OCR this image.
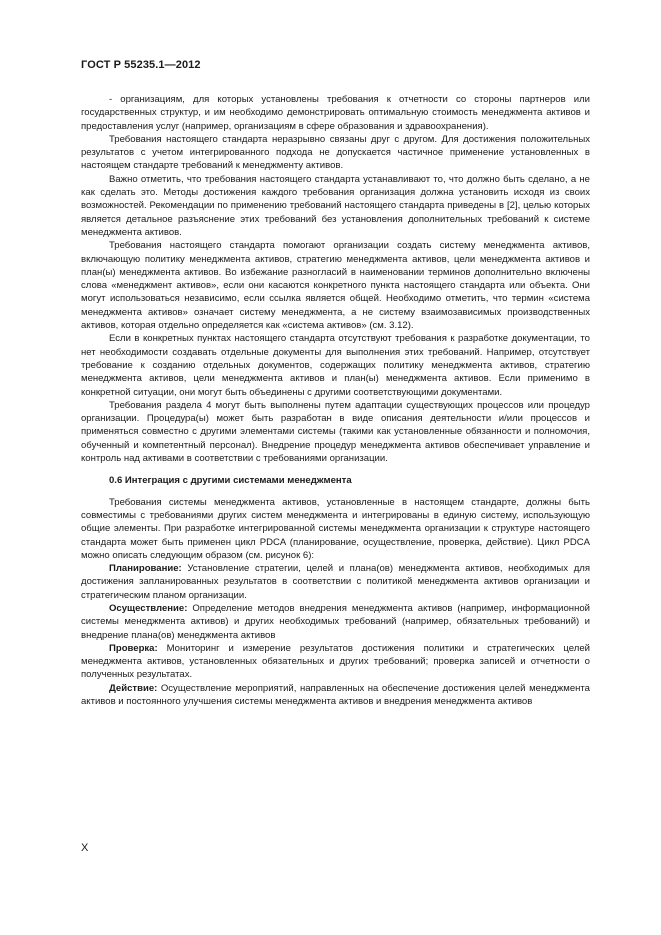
ГОСТ Р 55235.1—2012

- организациям, для которых установлены требования к отчетности со стороны партнеров или государственных структур, и им необходимо демонстрировать оптимальную стоимость менеджмента активов и предоставления услуг (например, организациям в сфере образования и здравоохранения).

Требования настоящего стандарта неразрывно связаны друг с другом. Для достижения положительных результатов с учетом интегрированного подхода не допускается частичное применение установленных в настоящем стандарте требований к менеджменту активов.

Важно отметить, что требования настоящего стандарта устанавливают то, что должно быть сделано, а не как сделать это. Методы достижения каждого требования организация должна установить исходя из своих возможностей. Рекомендации по применению требований настоящего стандарта приведены в [2], целью которых является детальное разъяснение этих требований без установления дополнительных требований к системе менеджмента активов.

Требования настоящего стандарта помогают организации создать систему менеджмента активов, включающую политику менеджмента активов, стратегию менеджмента активов, цели менеджмента активов и план(ы) менеджмента активов. Во избежание разногласий в наименовании терминов дополнительно включены слова «менеджмент активов», если они касаются конкретного пункта настоящего стандарта или объекта. Они могут использоваться независимо, если ссылка является общей. Необходимо отметить, что термин «система менеджмента активов» означает систему менеджмента, а не систему взаимозависимых производственных активов, которая отдельно определяется как «система активов» (см. 3.12).

Если в конкретных пунктах настоящего стандарта отсутствуют требования к разработке документации, то нет необходимости создавать отдельные документы для выполнения этих требований. Например, отсутствует требование к созданию отдельных документов, содержащих политику менеджмента активов, стратегию менеджмента активов, цели менеджмента активов и план(ы) менеджмента активов. Если применимо в конкретной ситуации, они могут быть объединены с другими соответствующими документами.

Требования раздела 4 могут быть выполнены путем адаптации существующих процессов или процедур организации. Процедура(ы) может быть разработан в виде описания деятельности и/или процессов и применяться совместно с другими элементами системы (такими как установленные обязанности и полномочия, обученный и компетентный персонал). Внедрение процедур менеджмента активов обеспечивает управление и контроль над активами в соответствии с требованиями организации.

0.6 Интеграция с другими системами менеджмента

Требования системы менеджмента активов, установленные в настоящем стандарте, должны быть совместимы с требованиями других систем менеджмента и интегрированы в единую систему, использующую общие элементы. При разработке интегрированной системы менеджмента организации к структуре настоящего стандарта может быть применен цикл PDCA (планирование, осуществление, проверка, действие). Цикл PDCA можно описать следующим образом (см. рисунок 6):

Планирование: Установление стратегии, целей и плана(ов) менеджмента активов, необходимых для достижения запланированных результатов в соответствии с политикой менеджмента активов организации и стратегическим планом организации.

Осуществление: Определение методов внедрения менеджмента активов (например, информационной системы менеджмента активов) и других необходимых требований (например, обязательных требований) и внедрение плана(ов) менеджмента активов

Проверка: Мониторинг и измерение результатов достижения политики и стратегических целей менеджмента активов, установленных обязательных и других требований; проверка записей и отчетности о полученных результатах.

Действие: Осуществление мероприятий, направленных на обеспечение достижения целей менеджмента активов и постоянного улучшения системы менеджмента активов и внедрения менеджмента активов

X
